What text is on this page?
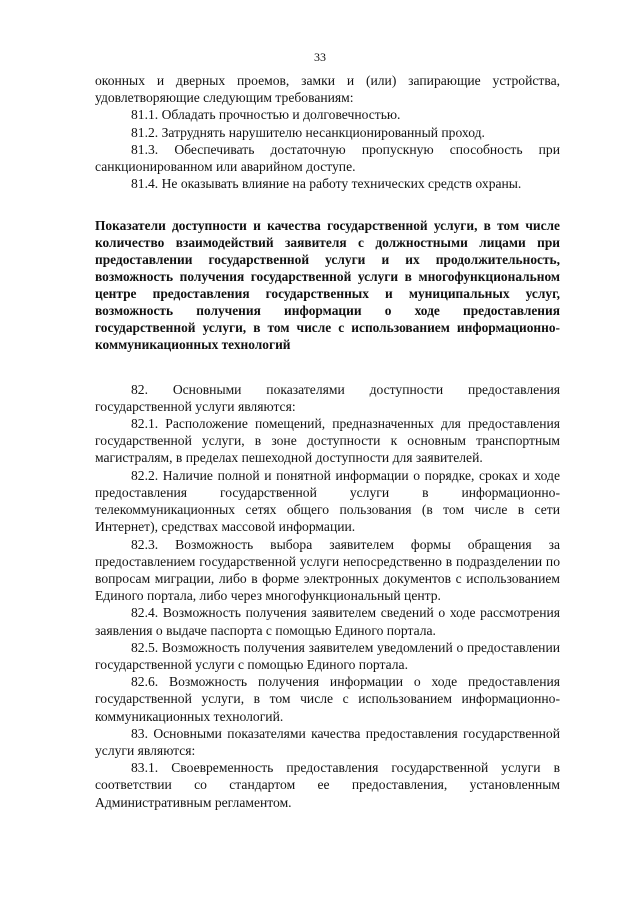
33

оконных и дверных проемов, замки и (или) запирающие устройства, удовлетворяющие следующим требованиям:

81.1. Обладать прочностью и долговечностью.

81.2. Затруднять нарушителю несанкционированный проход.

81.3. Обеспечивать достаточную пропускную способность при санкционированном или аварийном доступе.

81.4. Не оказывать влияние на работу технических средств охраны.

Показатели доступности и качества государственной услуги, в том числе количество взаимодействий заявителя с должностными лицами при предоставлении государственной услуги и их продолжительность, возможность получения государственной услуги в многофункциональном центре предоставления государственных и муниципальных услуг, возможность получения информации о ходе предоставления государственной услуги, в том числе с использованием информационно-коммуникационных технологий

82. Основными показателями доступности предоставления государственной услуги являются:

82.1. Расположение помещений, предназначенных для предоставления государственной услуги, в зоне доступности к основным транспортным магистралям, в пределах пешеходной доступности для заявителей.

82.2. Наличие полной и понятной информации о порядке, сроках и ходе предоставления государственной услуги в информационно-телекоммуникационных сетях общего пользования (в том числе в сети Интернет), средствах массовой информации.

82.3. Возможность выбора заявителем формы обращения за предоставлением государственной услуги непосредственно в подразделении по вопросам миграции, либо в форме электронных документов с использованием Единого портала, либо через многофункциональный центр.

82.4. Возможность получения заявителем сведений о ходе рассмотрения заявления о выдаче паспорта с помощью Единого портала.

82.5. Возможность получения заявителем уведомлений о предоставлении государственной услуги с помощью Единого портала.

82.6. Возможность получения информации о ходе предоставления государственной услуги, в том числе с использованием информационно-коммуникационных технологий.

83. Основными показателями качества предоставления государственной услуги являются:

83.1. Своевременность предоставления государственной услуги в соответствии со стандартом ее предоставления, установленным Административным регламентом.
